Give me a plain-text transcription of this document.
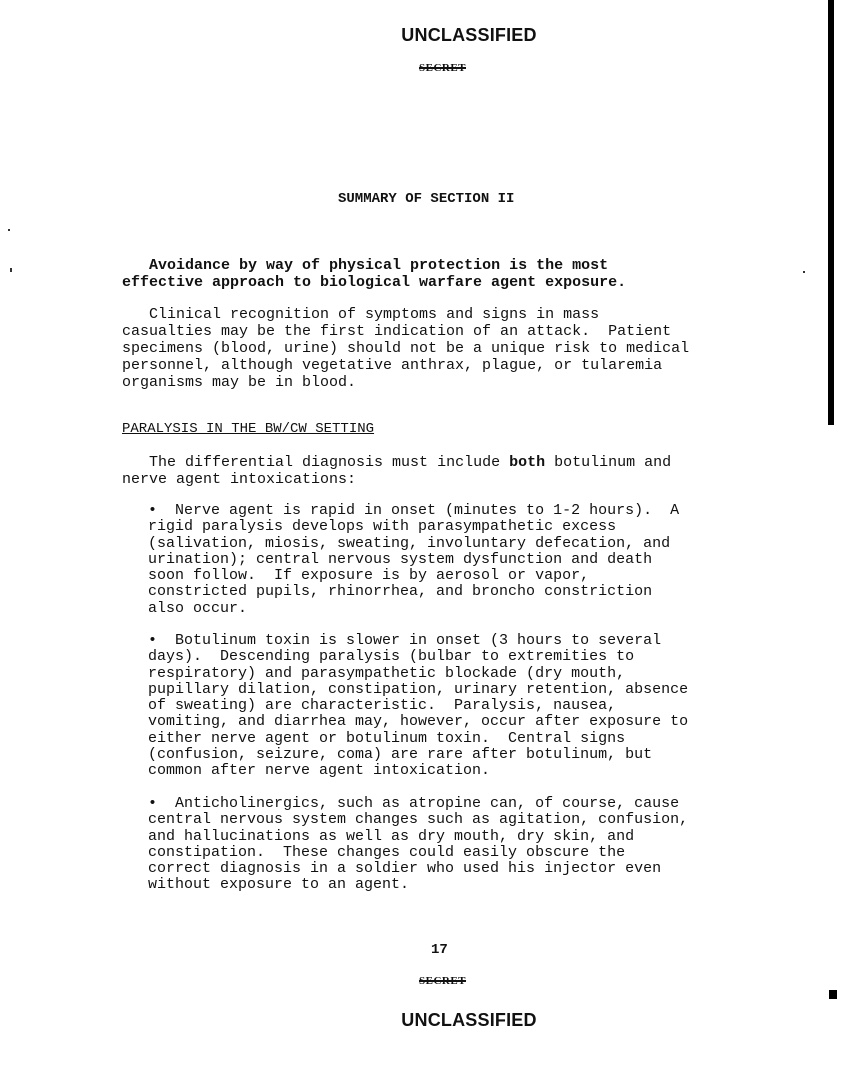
UNCLASSIFIED
SECRET
SUMMARY OF SECTION II
Avoidance by way of physical protection is the most
effective approach to biological warfare agent exposure.
Clinical recognition of symptoms and signs in mass
casualties may be the first indication of an attack.  Patient
specimens (blood, urine) should not be a unique risk to medical
personnel, although vegetative anthrax, plague, or tularemia
organisms may be in blood.
PARALYSIS IN THE BW/CW SETTING
The differential diagnosis must include both botulinum and
nerve agent intoxications:
•  Nerve agent is rapid in onset (minutes to 1-2 hours).  A
rigid paralysis develops with parasympathetic excess
(salivation, miosis, sweating, involuntary defecation, and
urination); central nervous system dysfunction and death
soon follow.  If exposure is by aerosol or vapor,
constricted pupils, rhinorrhea, and broncho constriction
also occur.
•  Botulinum toxin is slower in onset (3 hours to several
days).  Descending paralysis (bulbar to extremities to
respiratory) and parasympathetic blockade (dry mouth,
pupillary dilation, constipation, urinary retention, absence
of sweating) are characteristic.  Paralysis, nausea,
vomiting, and diarrhea may, however, occur after exposure to
either nerve agent or botulinum toxin.  Central signs
(confusion, seizure, coma) are rare after botulinum, but
common after nerve agent intoxication.
•  Anticholinergics, such as atropine can, of course, cause
central nervous system changes such as agitation, confusion,
and hallucinations as well as dry mouth, dry skin, and
constipation.  These changes could easily obscure the
correct diagnosis in a soldier who used his injector even
without exposure to an agent.
17
SECRET
UNCLASSIFIED
